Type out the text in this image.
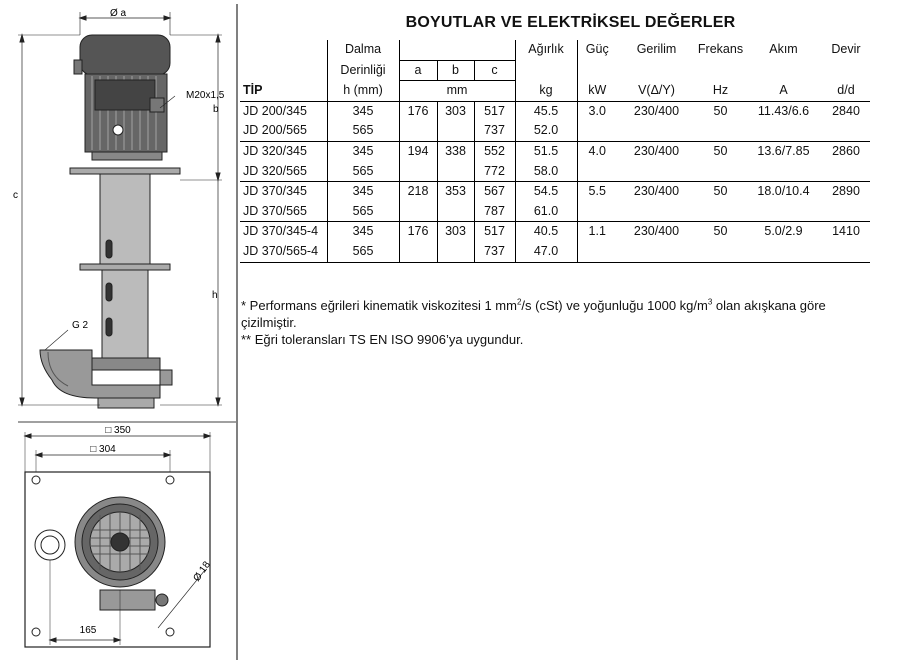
Ø a
M20x1,5
b
c
h
G 2
□ 350
□ 304
Ø 18
165
BOYUTLAR VE ELEKTRİKSEL DEĞERLER
	Dalma				Ağırlık	Güç	Gerilim	Frekans	Akım	Devir
	Derinliği	a	b	c						
TİP	h (mm)	mm			kg	kW	V(Δ/Y)	Hz	A	d/d
JD 200/345	345	176	303	517	45.5	3.0	230/400	50	11.43/6.6	2840
JD 200/565	565			737	52.0					
JD 320/345	345	194	338	552	51.5	4.0	230/400	50	13.6/7.85	2860
JD 320/565	565			772	58.0					
JD 370/345	345	218	353	567	54.5	5.5	230/400	50	18.0/10.4	2890
JD 370/565	565			787	61.0					
JD 370/345-4	345	176	303	517	40.5	1.1	230/400	50	5.0/2.9	1410
JD 370/565-4	565			737	47.0					

* Performans eğrileri kinematik viskozitesi 1 $mm^2/s$ (cSt) ve yoğunluğu 1000 $kg/m^3$ olan akışkana göre çizilmiştir.

** Eğri toleransları TS EN ISO 9906’ya uygundur.
